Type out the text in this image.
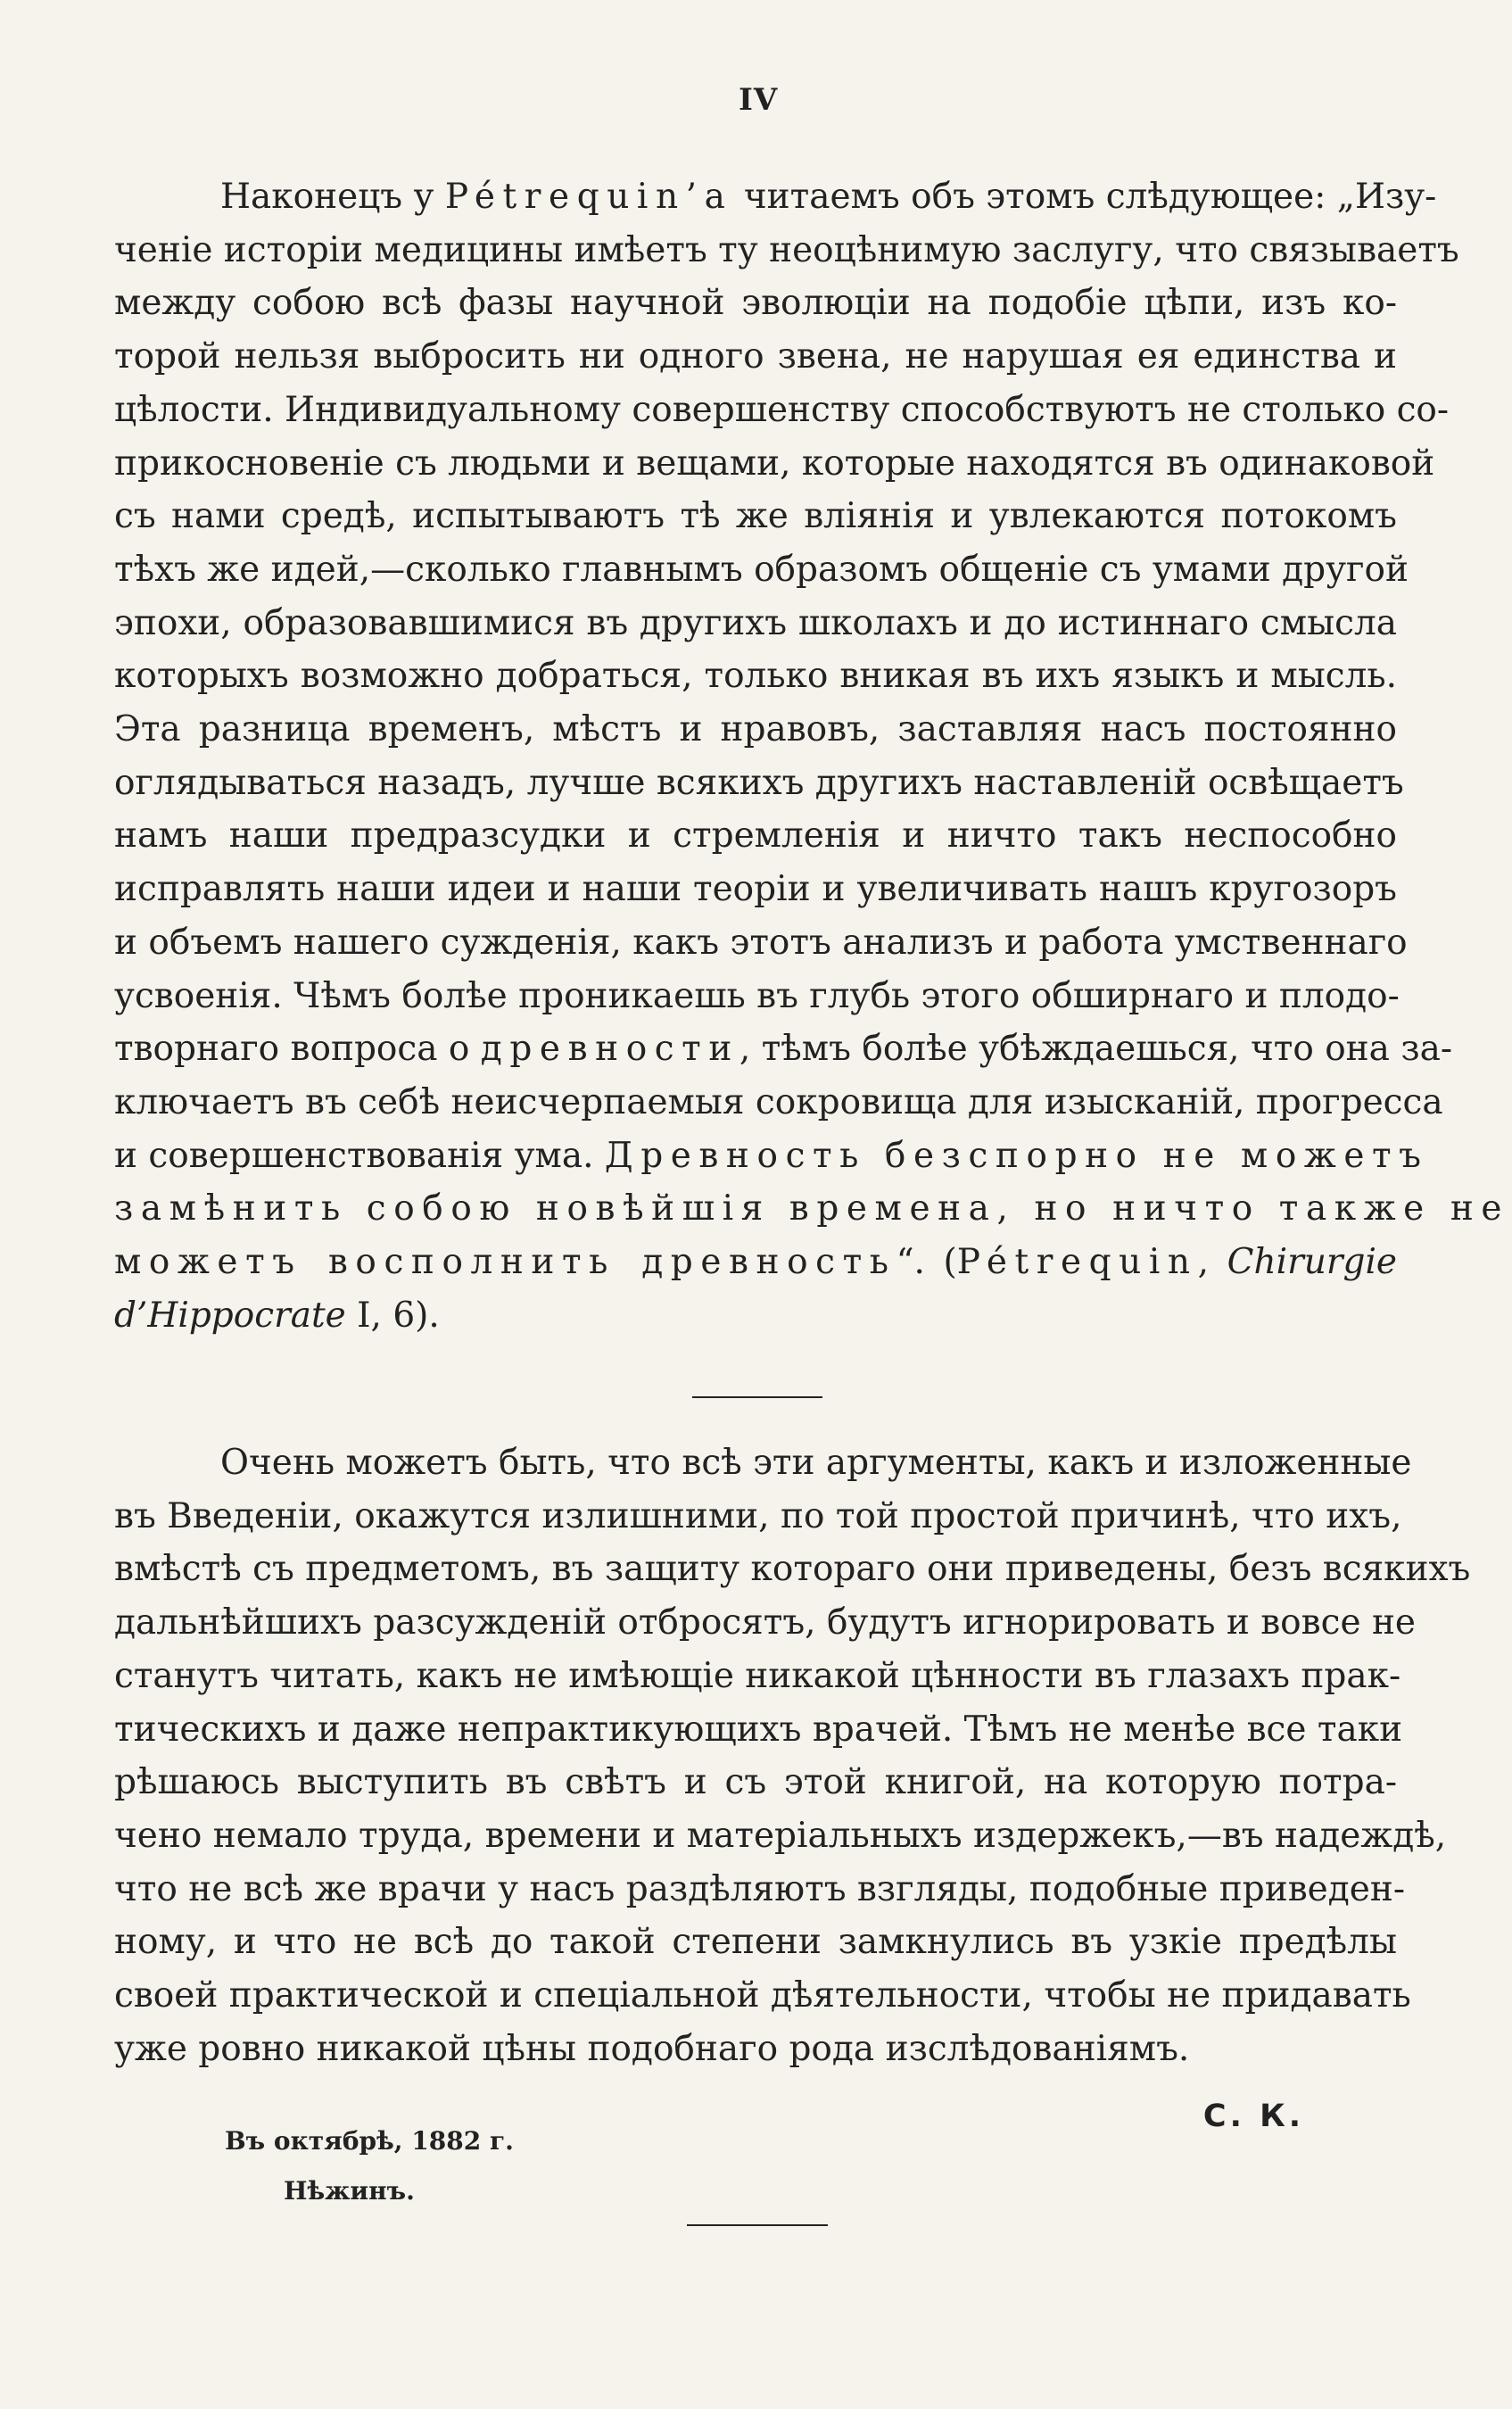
IV
Наконецъ у Pétrequin’а читаемъ объ этомъ слѣдующее: „Изу-
ченіе исторіи медицины имѣетъ ту неоцѣнимую заслугу, что связываетъ
между собою всѣ фазы научной эволюціи на подобіе цѣпи, изъ ко-
торой нельзя выбросить ни одного звена, не нарушая ея единства и
цѣлости. Индивидуальному совершенству способствуютъ не столько со-
прикосновеніе съ людьми и вещами, которые находятся въ одинаковой
съ нами средѣ, испытываютъ тѣ же вліянія и увлекаются потокомъ
тѣхъ же идей,—сколько главнымъ образомъ общеніе съ умами другой
эпохи, образовавшимися въ другихъ школахъ и до истиннаго смысла
которыхъ возможно добраться, только вникая въ ихъ языкъ и мысль.
Эта разница временъ, мѣстъ и нравовъ, заставляя насъ постоянно
оглядываться назадъ, лучше всякихъ другихъ наставленій освѣщаетъ
намъ наши предразсудки и стремленія и ничто такъ неспособно
исправлять наши идеи и наши теоріи и увеличивать нашъ кругозоръ
и объемъ нашего сужденія, какъ этотъ анализъ и работа умственнаго
усвоенія. Чѣмъ болѣе проникаешь въ глубь этого обширнаго и плодо-
творнаго вопроса о древности, тѣмъ болѣе убѣждаешься, что она за-
ключаетъ въ себѣ неисчерпаемыя сокровища для изысканій, прогресса
и совершенствованія ума. Древность безспорно не можетъ
замѣнить собою новѣйшія времена, но ничто также не
можетъ восполнить древность“. (Pétrequin, Chirurgie
d’Hippocrate I, 6).
Очень можетъ быть, что всѣ эти аргументы, какъ и изложенные
въ Введеніи, окажутся излишними, по той простой причинѣ, что ихъ,
вмѣстѣ съ предметомъ, въ защиту котораго они приведены, безъ всякихъ
дальнѣйшихъ разсужденій отбросятъ, будутъ игнорировать и вовсе не
станутъ читать, какъ не имѣющіе никакой цѣнности въ глазахъ прак-
тическихъ и даже непрактикующихъ врачей. Тѣмъ не менѣе все таки
рѣшаюсь выступить въ свѣтъ и съ этой книгой, на которую потра-
чено немало труда, времени и матеріальныхъ издержекъ,—въ надеждѣ,
что не всѣ же врачи у насъ раздѣляютъ взгляды, подобные приведен-
ному, и что не всѣ до такой степени замкнулись въ узкіе предѣлы
своей практической и спеціальной дѣятельности, чтобы не придавать
уже ровно никакой цѣны подобнаго рода изслѣдованіямъ.
С. К.
Въ октябрѣ, 1882 г.
Нѣжинъ.
